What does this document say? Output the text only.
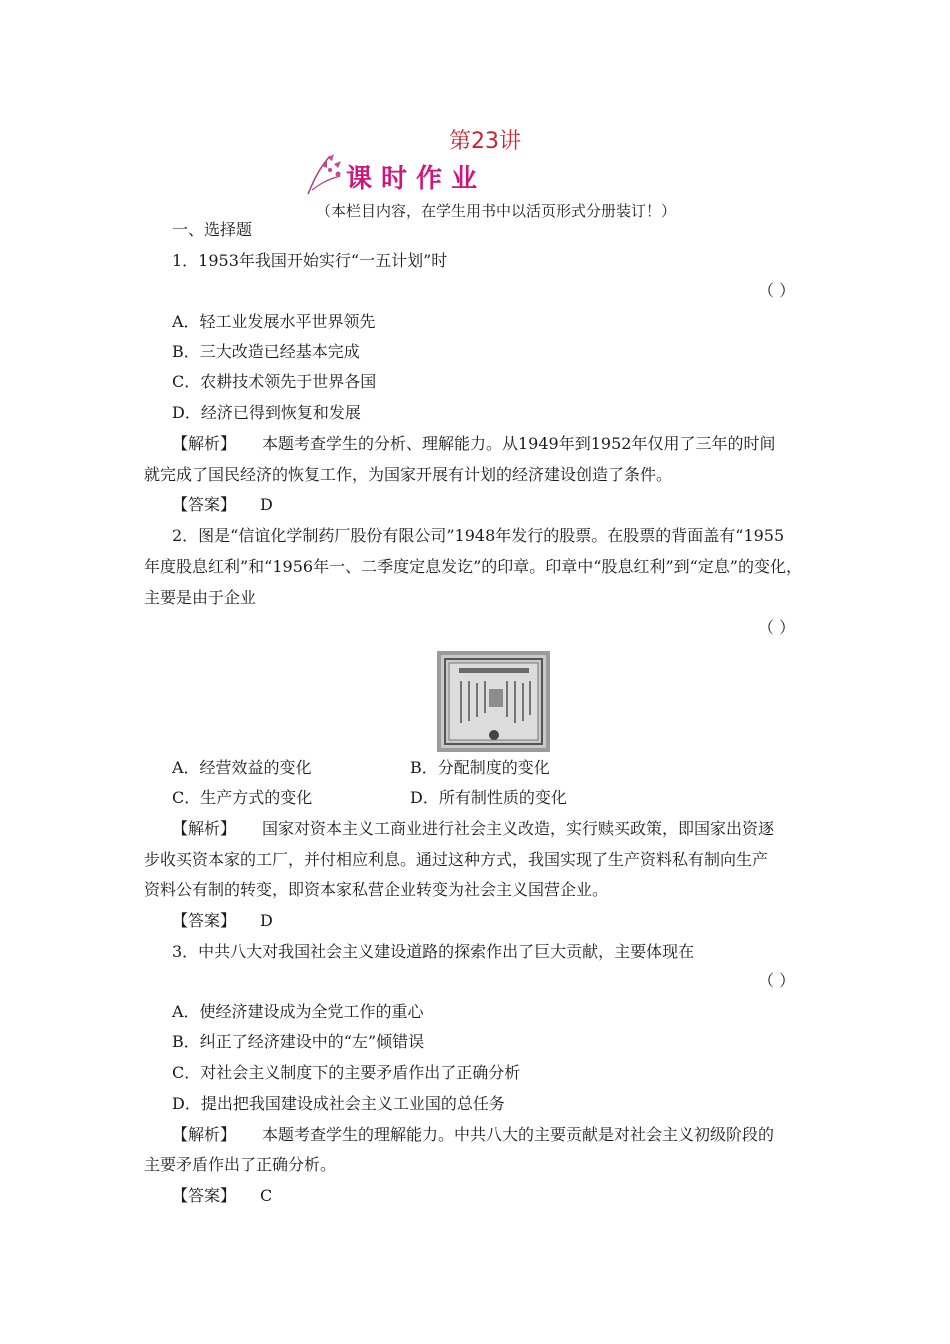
第23讲
课时作业
（本栏目内容，在学生用书中以活页形式分册装订！）
一、选择题
1．1953年我国开始实行“一五计划”时
（ ）
A．轻工业发展水平世界领先
B．三大改造已经基本完成
C．农耕技术领先于世界各国
D．经济已得到恢复和发展
【解析】 本题考查学生的分析、理解能力。从1949年到1952年仅用了三年的时间
就完成了国民经济的恢复工作，为国家开展有计划的经济建设创造了条件。
【答案】 D
2．图是“信谊化学制药厂股份有限公司”1948年发行的股票。在股票的背面盖有“1955
年度股息红利”和“1956年一、二季度定息发讫”的印章。印章中“股息红利”到“定息”的变化，
主要是由于企业
（ ）
A．经营效益的变化	B．分配制度的变化
C．生产方式的变化	D．所有制性质的变化
【解析】 国家对资本主义工商业进行社会主义改造，实行赎买政策，即国家出资逐
步收买资本家的工厂，并付相应利息。通过这种方式，我国实现了生产资料私有制向生产
资料公有制的转变，即资本家私营企业转变为社会主义国营企业。
【答案】 D
3．中共八大对我国社会主义建设道路的探索作出了巨大贡献，主要体现在
（ ）
A．使经济建设成为全党工作的重心
B．纠正了经济建设中的“左”倾错误
C．对社会主义制度下的主要矛盾作出了正确分析
D．提出把我国建设成社会主义工业国的总任务
【解析】 本题考查学生的理解能力。中共八大的主要贡献是对社会主义初级阶段的
主要矛盾作出了正确分析。
【答案】 C
